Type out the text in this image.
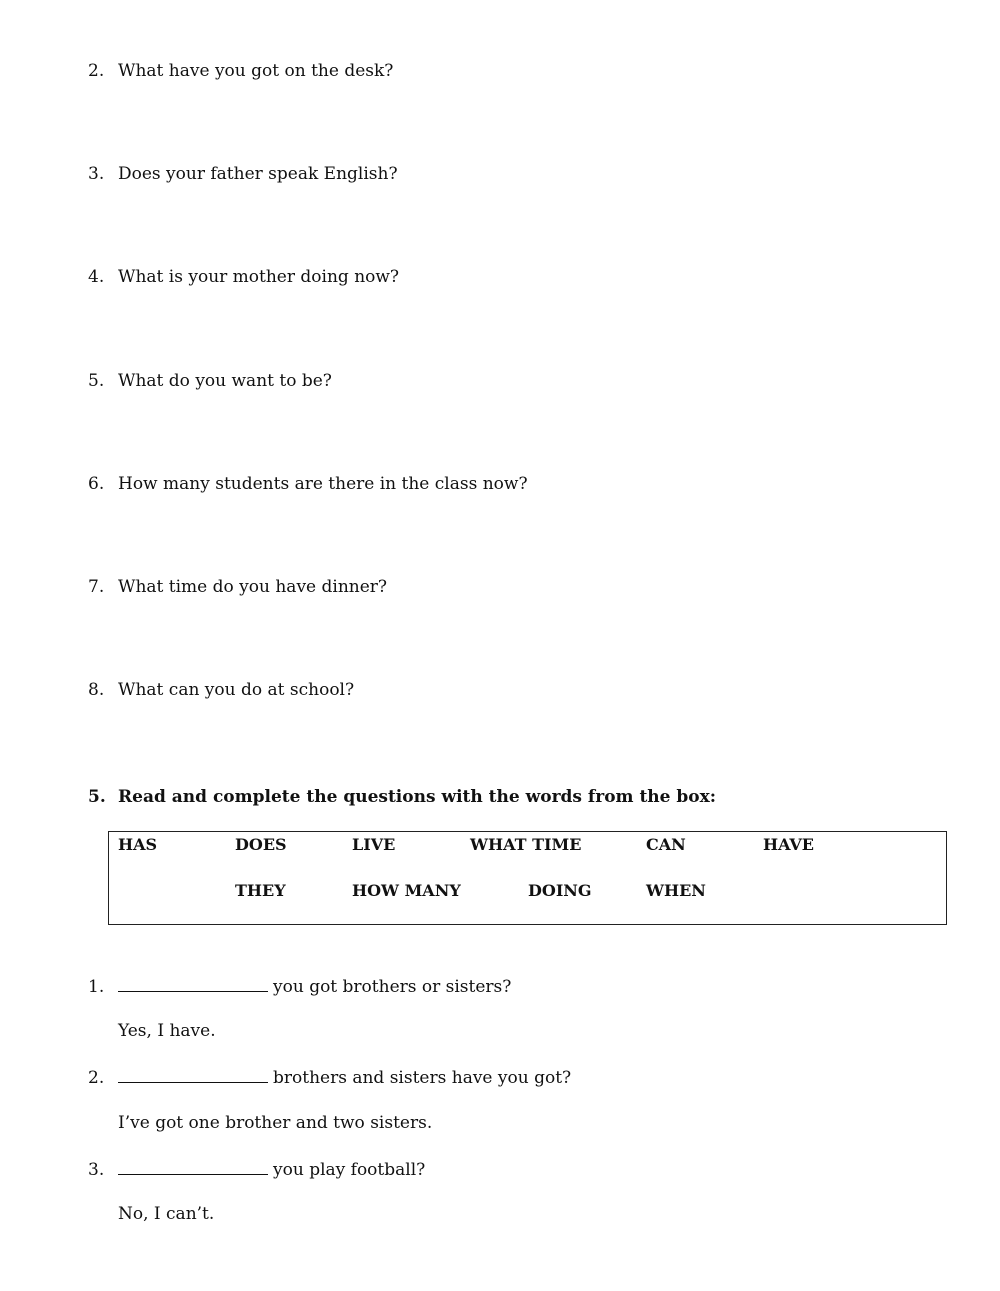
2. What have you got on the desk?
3. Does your father speak English?
4. What is your mother doing now?
5. What do you want to be?
6. How many students are there in the class now?
7. What time do you have dinner?
8. What can you do at school?
5. Read and complete the questions with the words from the box:
HAS	DOES	LIVE	WHAT TIME	CAN	HAVE
THEY	HOW MANY	DOING	WHEN
1.	you got brothers or sisters?
Yes, I have.
2.	brothers and sisters have you got?
I’ve got one brother and two sisters.
3.	you play football?
No, I can’t.
